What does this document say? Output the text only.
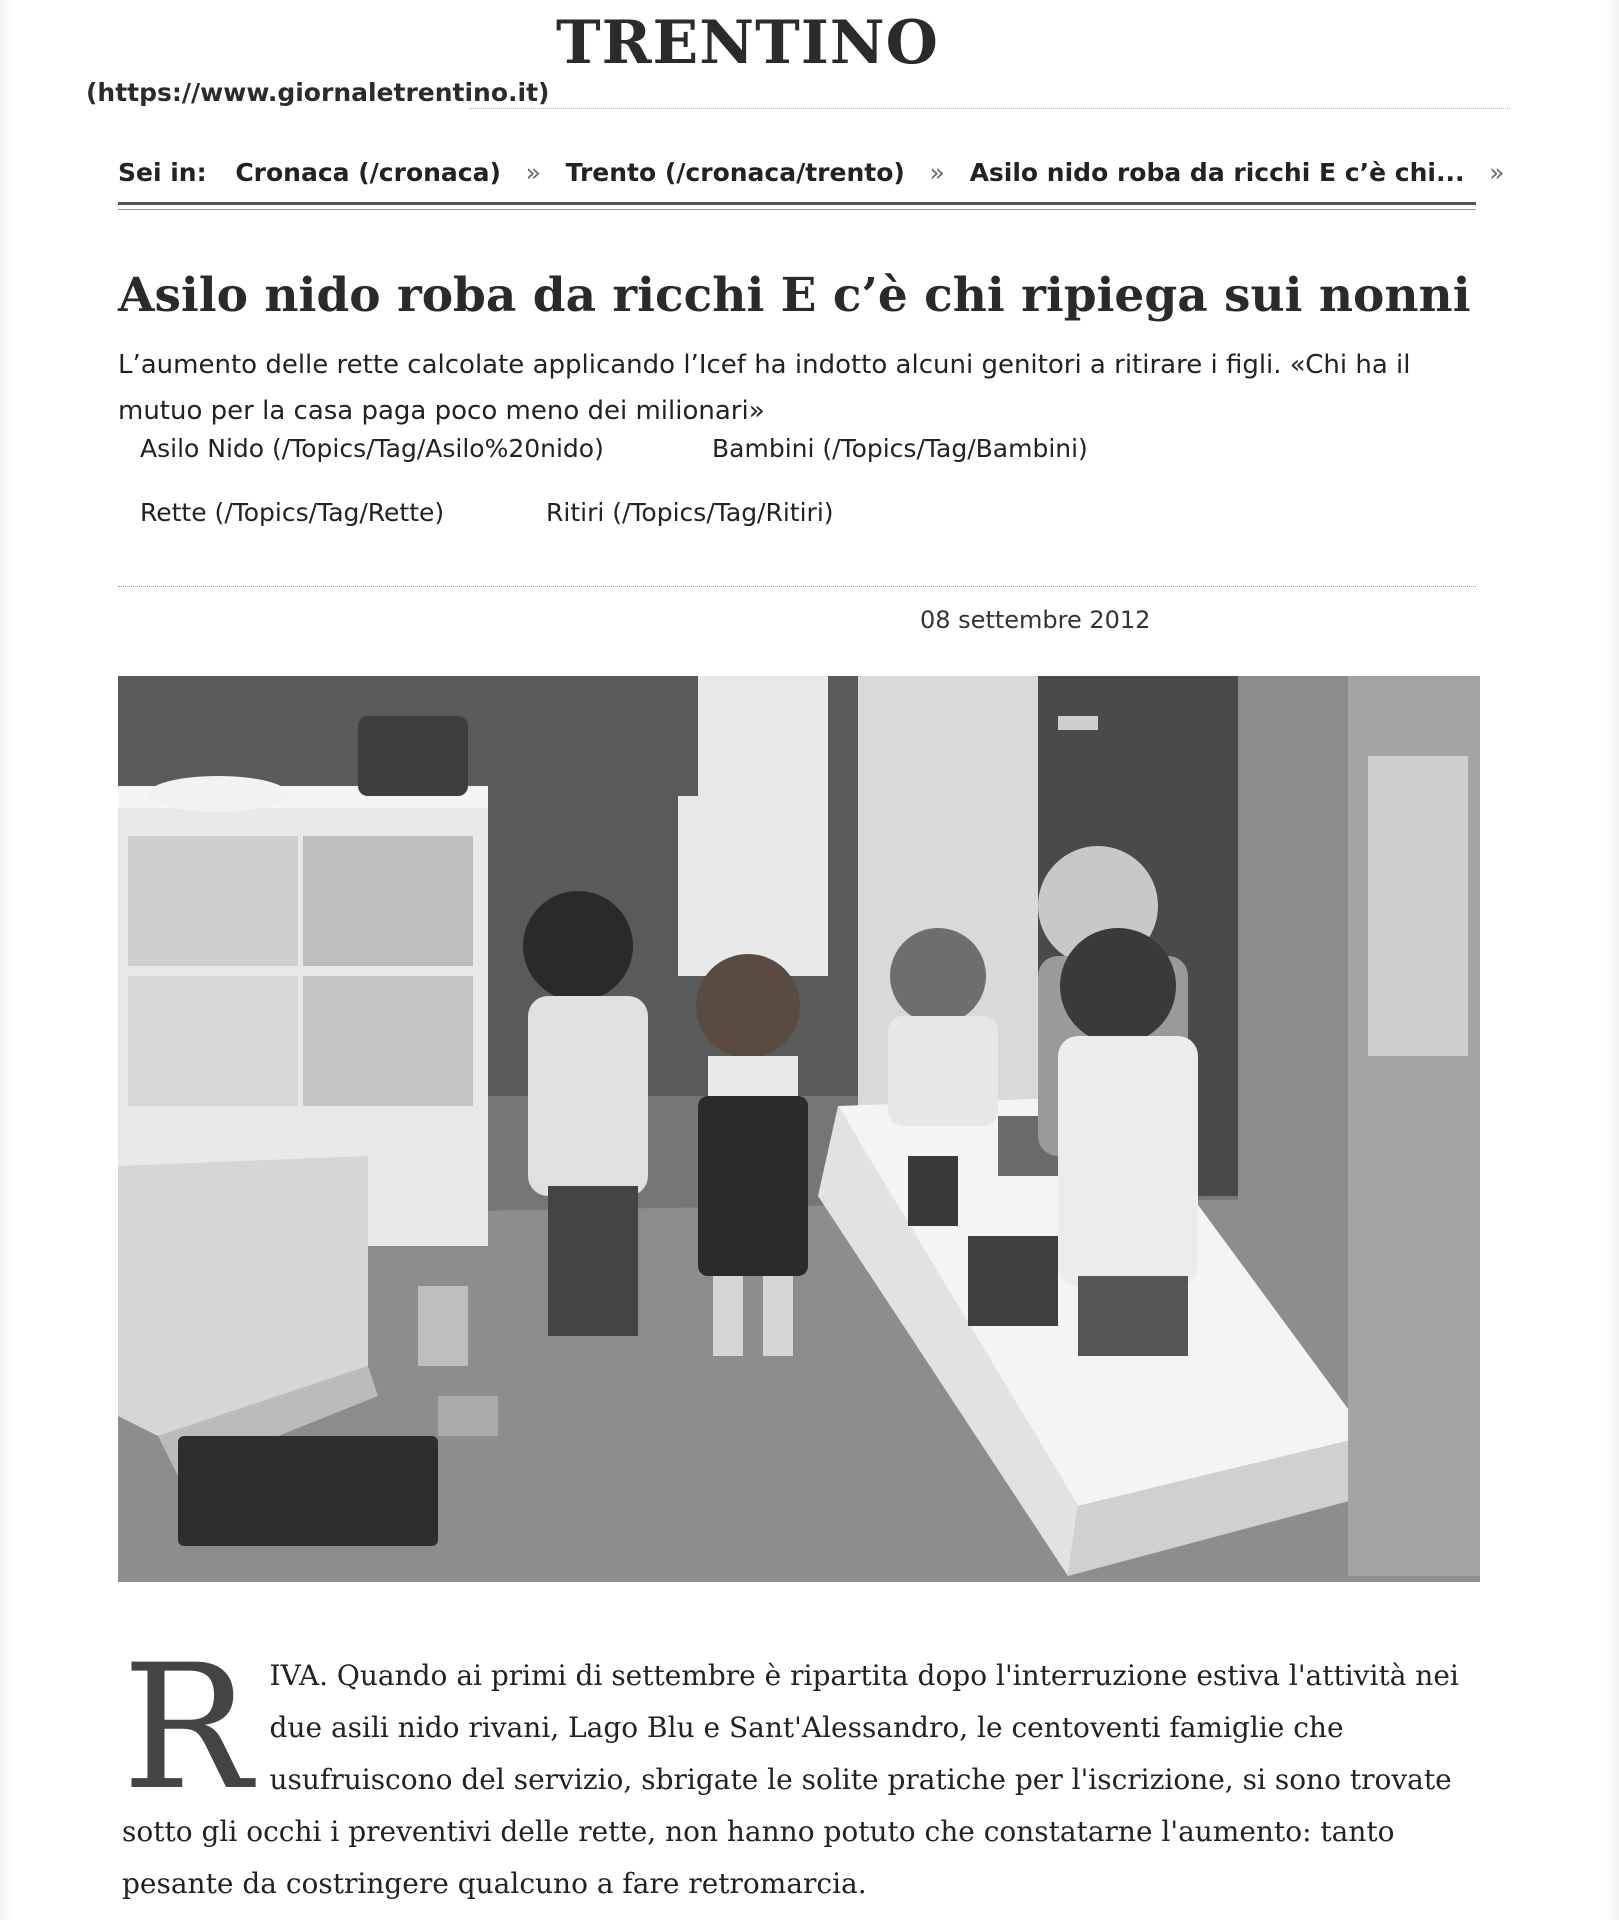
TRENTINO
(https://www.giornaletrentino.it)
Sei in: Cronaca (/cronaca) » Trento (/cronaca/trento) » Asilo nido roba da ricchi E c’è chi... »
Asilo nido roba da ricchi E c’è chi ripiega sui nonni

L’aumento delle rette calcolate applicando l’Icef ha indotto alcuni genitori a ritirare i figli. «Chi ha il mutuo per la casa paga poco meno dei milionari»

Asilo Nido (/Topics/Tag/Asilo%20nido)	Bambini (/Topics/Tag/Bambini)
Rette (/Topics/Tag/Rette)	Ritiri (/Topics/Tag/Ritiri)
08 settembre 2012

RIVA. Quando ai primi di settembre è ripartita dopo l'interruzione estiva l'attività nei due asili nido rivani, Lago Blu e Sant'Alessandro, le centoventi famiglie che usufruiscono del servizio, sbrigate le solite pratiche per l'iscrizione, si sono trovate sotto gli occhi i preventivi delle rette, non hanno potuto che constatarne l'aumento: tanto pesante da costringere qualcuno a fare retromarcia.
